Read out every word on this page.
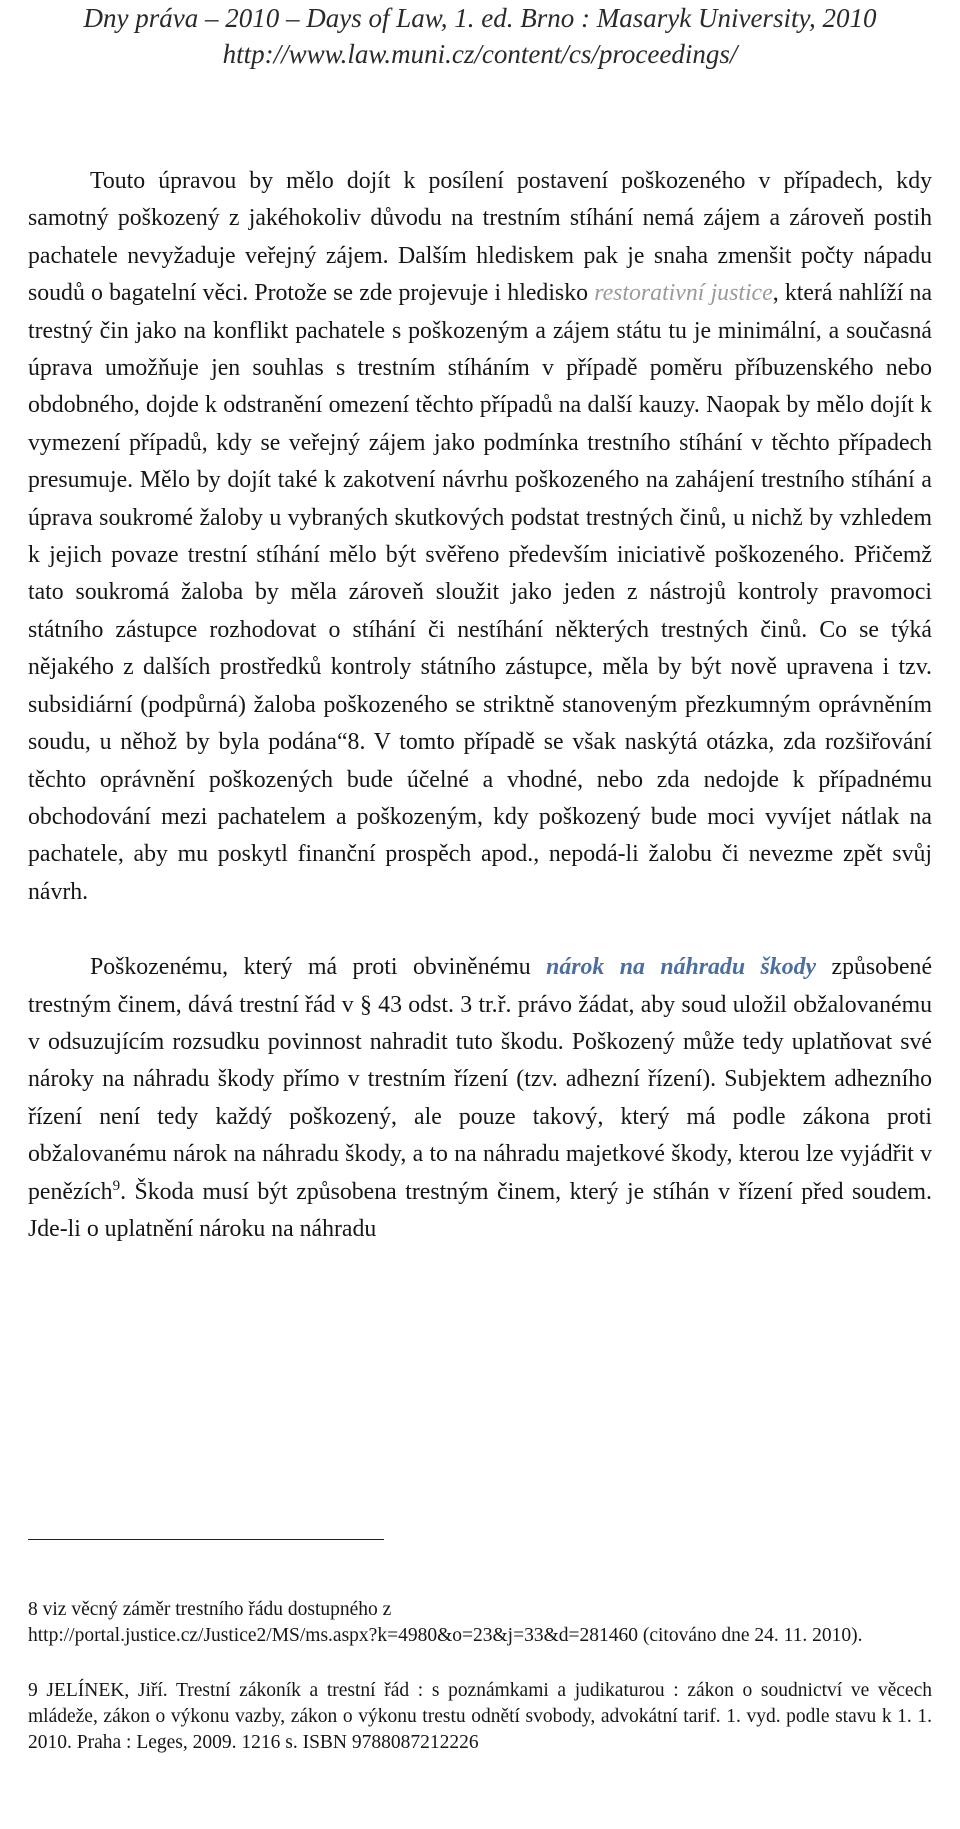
Dny práva – 2010 – Days of Law, 1. ed. Brno : Masaryk University, 2010
http://www.law.muni.cz/content/cs/proceedings/

Touto úpravou by mělo dojít k posílení postavení poškozeného v případech, kdy samotný poškozený z jakéhokoliv důvodu na trestním stíhání nemá zájem a zároveň postih pachatele nevyžaduje veřejný zájem. Dalším hlediskem pak je snaha zmenšit počty nápadu soudů o bagatelní věci. Protože se zde projevuje i hledisko restorativní justice, která nahlíží na trestný čin jako na konflikt pachatele s poškozeným a zájem státu tu je minimální, a současná úprava umožňuje jen souhlas s trestním stíháním v případě poměru příbuzenského nebo obdobného, dojde k odstranění omezení těchto případů na další kauzy. Naopak by mělo dojít k vymezení případů, kdy se veřejný zájem jako podmínka trestního stíhání v těchto případech presumuje. Mělo by dojít také k zakotvení návrhu poškozeného na zahájení trestního stíhání a úprava soukromé žaloby u vybraných skutkových podstat trestných činů, u nichž by vzhledem k jejich povaze trestní stíhání mělo být svěřeno především iniciativě poškozeného. Přičemž tato soukromá žaloba by měla zároveň sloužit jako jeden z nástrojů kontroly pravomoci státního zástupce rozhodovat o stíhání či nestíhání některých trestných činů. Co se týká nějakého z dalších prostředků kontroly státního zástupce, měla by být nově upravena i tzv. subsidiární (podpůrná) žaloba poškozeného se striktně stanoveným přezkumným oprávněním soudu, u něhož by byla podána“8. V tomto případě se však naskýtá otázka, zda rozšiřování těchto oprávnění poškozených bude účelné a vhodné, nebo zda nedojde k případnému obchodování mezi pachatelem a poškozeným, kdy poškozený bude moci vyvíjet nátlak na pachatele, aby mu poskytl finanční prospěch apod., nepodá-li žalobu či nevezme zpět svůj návrh.

Poškozenému, který má proti obviněnému nárok na náhradu škody způsobené trestným činem, dává trestní řád v § 43 odst. 3 tr.ř. právo žádat, aby soud uložil obžalovanému v odsuzujícím rozsudku povinnost nahradit tuto škodu. Poškozený může tedy uplatňovat své nároky na náhradu škody přímo v trestním řízení (tzv. adhezní řízení). Subjektem adhezního řízení není tedy každý poškozený, ale pouze takový, který má podle zákona proti obžalovanému nárok na náhradu škody, a to na náhradu majetkové škody, kterou lze vyjádřit v penězích$^9$. Škoda musí být způsobena trestným činem, který je stíhán v řízení před soudem. Jde-li o uplatnění nároku na náhradu

8 viz věcný záměr trestního řádu dostupného z

http://portal.justice.cz/Justice2/MS/ms.aspx?k=4980&o=23&j=33&d=281460 (citováno dne 24. 11. 2010).

9 JELÍNEK, Jiří. Trestní zákoník a trestní řád : s poznámkami a judikaturou : zákon o soudnictví ve věcech mládeže, zákon o výkonu vazby, zákon o výkonu trestu odnětí svobody, advokátní tarif. 1. vyd. podle stavu k 1. 1. 2010. Praha : Leges, 2009. 1216 s. ISBN 9788087212226
